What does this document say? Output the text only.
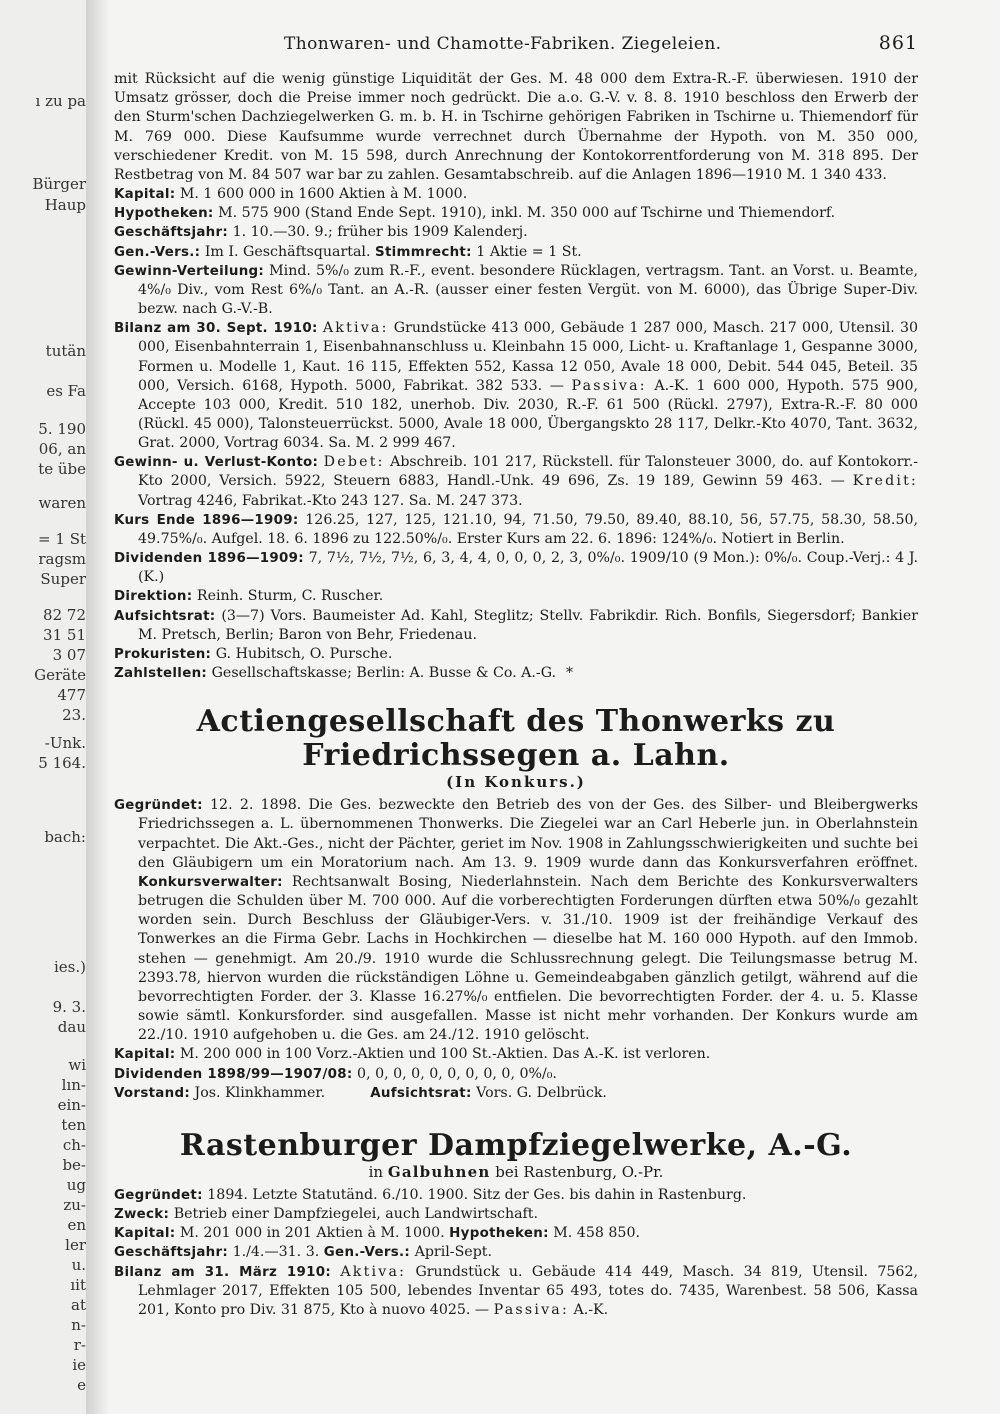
ı zu pa
Bürger
Haup
tutän
es Fa
5. 190
06, an
te übe
waren
= 1 St
ragsm
Super
82 72
31 51
3 07
Geräte
477
23.
-Unk.
5 164.
bach:
ies.)
9. 3.
dau
wi
lın-
ein-
ten
ch-
be-
ug
zu-
en
ler
u.
ıit
at
n-
r-
ie
e
Thonwaren- und Chamotte-Fabriken. Ziegeleien.	861

mit Rücksicht auf die wenig günstige Liquidität der Ges. M. 48 000 dem Extra-R.-F. überwiesen. 1910 der Umsatz grösser, doch die Preise immer noch gedrückt. Die a.o. G.-V. v. 8. 8. 1910 beschloss den Erwerb der den Sturm'schen Dachziegelwerken G. m. b. H. in Tschirne gehörigen Fabriken in Tschirne u. Thiemendorf für M. 769 000. Diese Kaufsumme wurde verrechnet durch Übernahme der Hypoth. von M. 350 000, verschiedener Kredit. von M. 15 598, durch Anrechnung der Kontokorrentforderung von M. 318 895. Der Restbetrag von M. 84 507 war bar zu zahlen. Gesamtabschreib. auf die Anlagen 1896—1910 M. 1 340 433.

Kapital: M. 1 600 000 in 1600 Aktien à M. 1000.

Hypotheken: M. 575 900 (Stand Ende Sept. 1910), inkl. M. 350 000 auf Tschirne und Thiemendorf.

Geschäftsjahr: 1. 10.—30. 9.; früher bis 1909 Kalenderj.

Gen.-Vers.: Im I. Geschäftsquartal. Stimmrecht: 1 Aktie = 1 St.

Gewinn-Verteilung: Mind. 5%/₀ zum R.-F., event. besondere Rücklagen, vertragsm. Tant. an Vorst. u. Beamte, 4%/₀ Div., vom Rest 6%/₀ Tant. an A.-R. (ausser einer festen Vergüt. von M. 6000), das Übrige Super-Div. bezw. nach G.-V.-B.

Bilanz am 30. Sept. 1910: Aktiva: Grundstücke 413 000, Gebäude 1 287 000, Masch. 217 000, Utensil. 30 000, Eisenbahnterrain 1, Eisenbahnanschluss u. Kleinbahn 15 000, Licht- u. Kraftanlage 1, Gespanne 3000, Formen u. Modelle 1, Kaut. 16 115, Effekten 552, Kassa 12 050, Avale 18 000, Debit. 544 045, Beteil. 35 000, Versich. 6168, Hypoth. 5000, Fabrikat. 382 533. — Passiva: A.-K. 1 600 000, Hypoth. 575 900, Accepte 103 000, Kredit. 510 182, unerhob. Div. 2030, R.-F. 61 500 (Rückl. 2797), Extra-R.-F. 80 000 (Rückl. 45 000), Talonsteuerrückst. 5000, Avale 18 000, Übergangskto 28 117, Delkr.-Kto 4070, Tant. 3632, Grat. 2000, Vortrag 6034. Sa. M. 2 999 467.

Gewinn- u. Verlust-Konto: Debet: Abschreib. 101 217, Rückstell. für Talonsteuer 3000, do. auf Kontokorr.-Kto 2000, Versich. 5922, Steuern 6883, Handl.-Unk. 49 696, Zs. 19 189, Gewinn 59 463. — Kredit: Vortrag 4246, Fabrikat.-Kto 243 127. Sa. M. 247 373.

Kurs Ende 1896—1909: 126.25, 127, 125, 121.10, 94, 71.50, 79.50, 89.40, 88.10, 56, 57.75, 58.30, 58.50, 49.75%/₀. Aufgel. 18. 6. 1896 zu 122.50%/₀. Erster Kurs am 22. 6. 1896: 124%/₀. Notiert in Berlin.

Dividenden 1896—1909: 7, 7½, 7½, 7½, 6, 3, 4, 4, 0, 0, 0, 2, 3, 0%/₀. 1909/10 (9 Mon.): 0%/₀. Coup.-Verj.: 4 J. (K.)

Direktion: Reinh. Sturm, C. Ruscher.

Aufsichtsrat: (3—7) Vors. Baumeister Ad. Kahl, Steglitz; Stellv. Fabrikdir. Rich. Bonfils, Siegersdorf; Bankier M. Pretsch, Berlin; Baron von Behr, Friedenau.

Prokuristen: G. Hubitsch, O. Pursche.

Zahlstellen: Gesellschaftskasse; Berlin: A. Busse & Co. A.-G. *

Actiengesellschaft des Thonwerks zu Friedrichssegen a. Lahn.
(In Konkurs.)

Gegründet: 12. 2. 1898. Die Ges. bezweckte den Betrieb des von der Ges. des Silber- und Bleibergwerks Friedrichssegen a. L. übernommenen Thonwerks. Die Ziegelei war an Carl Heberle jun. in Oberlahnstein verpachtet. Die Akt.-Ges., nicht der Pächter, geriet im Nov. 1908 in Zahlungsschwierigkeiten und suchte bei den Gläubigern um ein Moratorium nach. Am 13. 9. 1909 wurde dann das Konkursverfahren eröffnet. Konkursverwalter: Rechtsanwalt Bosing, Niederlahnstein. Nach dem Berichte des Konkursverwalters betrugen die Schulden über M. 700 000. Auf die vorberechtigten Forderungen dürften etwa 50%/₀ gezahlt worden sein. Durch Beschluss der Gläubiger-Vers. v. 31./10. 1909 ist der freihändige Verkauf des Tonwerkes an die Firma Gebr. Lachs in Hochkirchen — dieselbe hat M. 160 000 Hypoth. auf den Immob. stehen — genehmigt. Am 20./9. 1910 wurde die Schlussrechnung gelegt. Die Teilungsmasse betrug M. 2393.78, hiervon wurden die rückständigen Löhne u. Gemeindeabgaben gänzlich getilgt, während auf die bevorrechtigten Forder. der 3. Klasse 16.27%/₀ entfielen. Die bevorrechtigten Forder. der 4. u. 5. Klasse sowie sämtl. Konkursforder. sind ausgefallen. Masse ist nicht mehr vorhanden. Der Konkurs wurde am 22./10. 1910 aufgehoben u. die Ges. am 24./12. 1910 gelöscht.

Kapital: M. 200 000 in 100 Vorz.-Aktien und 100 St.-Aktien. Das A.-K. ist verloren.

Dividenden 1898/99—1907/08: 0, 0, 0, 0, 0, 0, 0, 0, 0, 0%/₀.

Vorstand: Jos. Klinkhammer.	Aufsichtsrat: Vors. G. Delbrück.

Rastenburger Dampfziegelwerke, A.-G.
in Galbuhnen bei Rastenburg, O.-Pr.

Gegründet: 1894. Letzte Statutänd. 6./10. 1900. Sitz der Ges. bis dahin in Rastenburg.

Zweck: Betrieb einer Dampfziegelei, auch Landwirtschaft.

Kapital: M. 201 000 in 201 Aktien à M. 1000. Hypotheken: M. 458 850.

Geschäftsjahr: 1./4.—31. 3. Gen.-Vers.: April-Sept.

Bilanz am 31. März 1910: Aktiva: Grundstück u. Gebäude 414 449, Masch. 34 819, Utensil. 7562, Lehmlager 2017, Effekten 105 500, lebendes Inventar 65 493, totes do. 7435, Warenbest. 58 506, Kassa 201, Konto pro Div. 31 875, Kto à nuovo 4025. — Passiva: A.-K.
